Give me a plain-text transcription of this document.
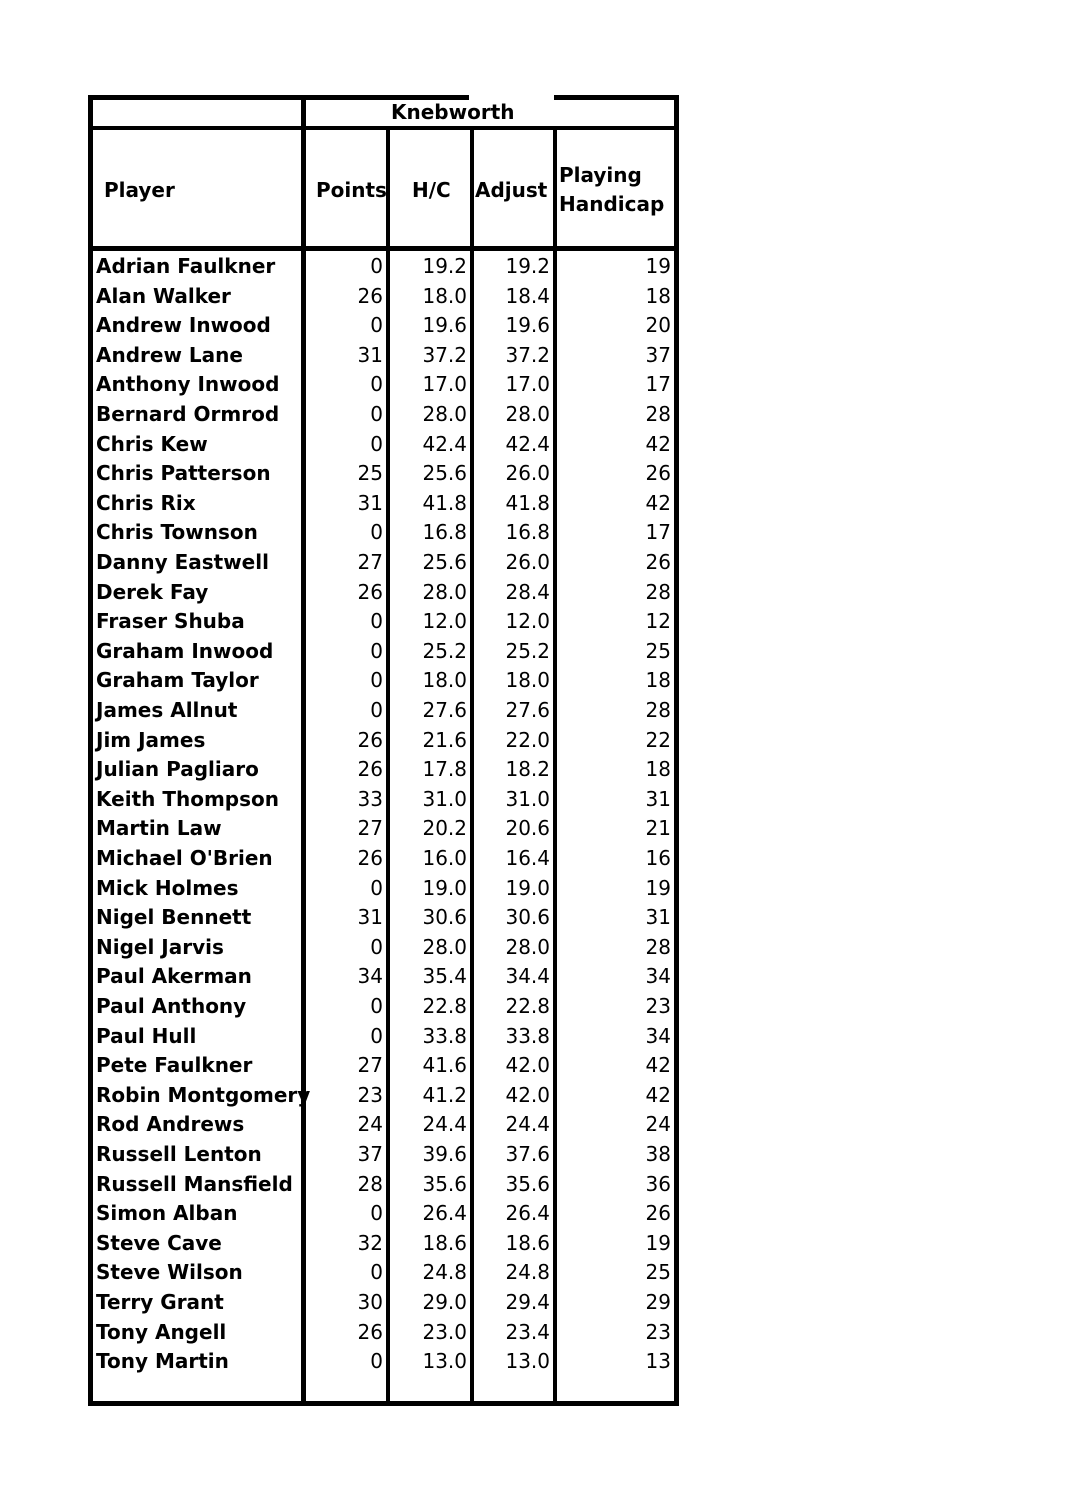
Knebworth
Player	Points H/C Adjust
Playing
Handicap
Adrian Faulkner	0 19.2 19.2	19
Alan Walker	26 18.0 18.4	18
Andrew Inwood	0 19.6 19.6	20
Andrew Lane	31 37.2 37.2	37
Anthony Inwood	0 17.0 17.0	17
Bernard Ormrod	0 28.0 28.0	28
Chris Kew	0 42.4 42.4	42
Chris Patterson	25 25.6 26.0	26
Chris Rix	31 41.8 41.8	42
Chris Townson	0 16.8 16.8	17
Danny Eastwell	27 25.6 26.0	26
Derek Fay	26 28.0 28.4	28
Fraser Shuba	0 12.0 12.0	12
Graham Inwood	0 25.2 25.2	25
Graham Taylor	0 18.0 18.0	18
James Allnut	0 27.6 27.6	28
Jim James	26 21.6 22.0	22
Julian Pagliaro	26 17.8 18.2	18
Keith Thompson	33 31.0 31.0	31
Martin Law	27 20.2 20.6	21
Michael O'Brien	26 16.0 16.4	16
Mick Holmes	0 19.0 19.0	19
Nigel Bennett	31 30.6 30.6	31
Nigel Jarvis	0 28.0 28.0	28
Paul Akerman	34 35.4 34.4	34
Paul Anthony	0 22.8 22.8	23
Paul Hull	0 33.8 33.8	34
Pete Faulkner	27 41.6 42.0	42
Robin Montgomery 23 41.2 42.0	42
Rod Andrews	24 24.4 24.4	24
Russell Lenton	37 39.6 37.6	38
Russell Mansfield	28 35.6 35.6	36
Simon Alban	0 26.4 26.4	26
Steve Cave	32 18.6 18.6	19
Steve Wilson	0 24.8 24.8	25
Terry Grant	30 29.0 29.4	29
Tony Angell	26 23.0 23.4	23
Tony Martin	0 13.0 13.0	13
